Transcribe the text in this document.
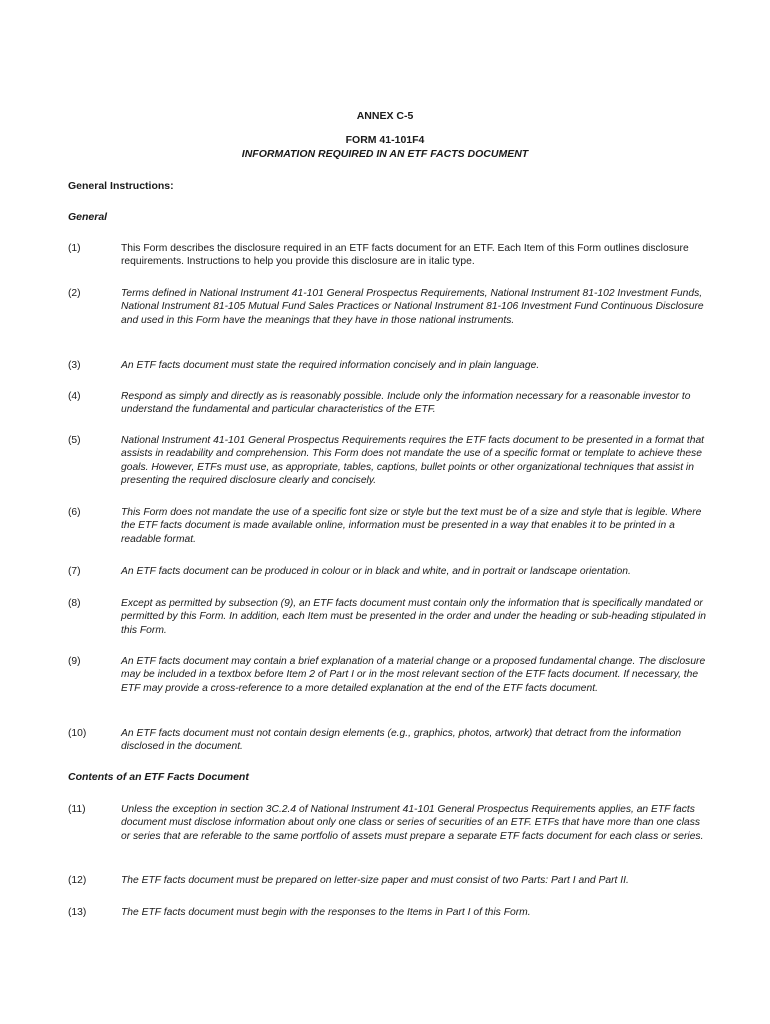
ANNEX C-5
FORM 41-101F4
INFORMATION REQUIRED IN AN ETF FACTS DOCUMENT
General Instructions:
General
(1)	This Form describes the disclosure required in an ETF facts document for an ETF. Each Item of this Form outlines disclosure requirements. Instructions to help you provide this disclosure are in italic type.
(2)	Terms defined in National Instrument 41-101 General Prospectus Requirements, National Instrument 81-102 Investment Funds, National Instrument 81-105 Mutual Fund Sales Practices or National Instrument 81-106 Investment Fund Continuous Disclosure and used in this Form have the meanings that they have in those national instruments.
(3)	An ETF facts document must state the required information concisely and in plain language.
(4)	Respond as simply and directly as is reasonably possible. Include only the information necessary for a reasonable investor to understand the fundamental and particular characteristics of the ETF.
(5)	National Instrument 41-101 General Prospectus Requirements requires the ETF facts document to be presented in a format that assists in readability and comprehension. This Form does not mandate the use of a specific format or template to achieve these goals. However, ETFs must use, as appropriate, tables, captions, bullet points or other organizational techniques that assist in presenting the required disclosure clearly and concisely.
(6)	This Form does not mandate the use of a specific font size or style but the text must be of a size and style that is legible. Where the ETF facts document is made available online, information must be presented in a way that enables it to be printed in a readable format.
(7)	An ETF facts document can be produced in colour or in black and white, and in portrait or landscape orientation.
(8)	Except as permitted by subsection (9), an ETF facts document must contain only the information that is specifically mandated or permitted by this Form. In addition, each Item must be presented in the order and under the heading or sub-heading stipulated in this Form.
(9)	An ETF facts document may contain a brief explanation of a material change or a proposed fundamental change. The disclosure may be included in a textbox before Item 2 of Part I or in the most relevant section of the ETF facts document. If necessary, the ETF may provide a cross-reference to a more detailed explanation at the end of the ETF facts document.
(10)	An ETF facts document must not contain design elements (e.g., graphics, photos, artwork) that detract from the information disclosed in the document.
Contents of an ETF Facts Document
(11)	Unless the exception in section 3C.2.4 of National Instrument 41-101 General Prospectus Requirements applies, an ETF facts document must disclose information about only one class or series of securities of an ETF. ETFs that have more than one class or series that are referable to the same portfolio of assets must prepare a separate ETF facts document for each class or series.
(12)	The ETF facts document must be prepared on letter-size paper and must consist of two Parts: Part I and Part II.
(13)	The ETF facts document must begin with the responses to the Items in Part I of this Form.
